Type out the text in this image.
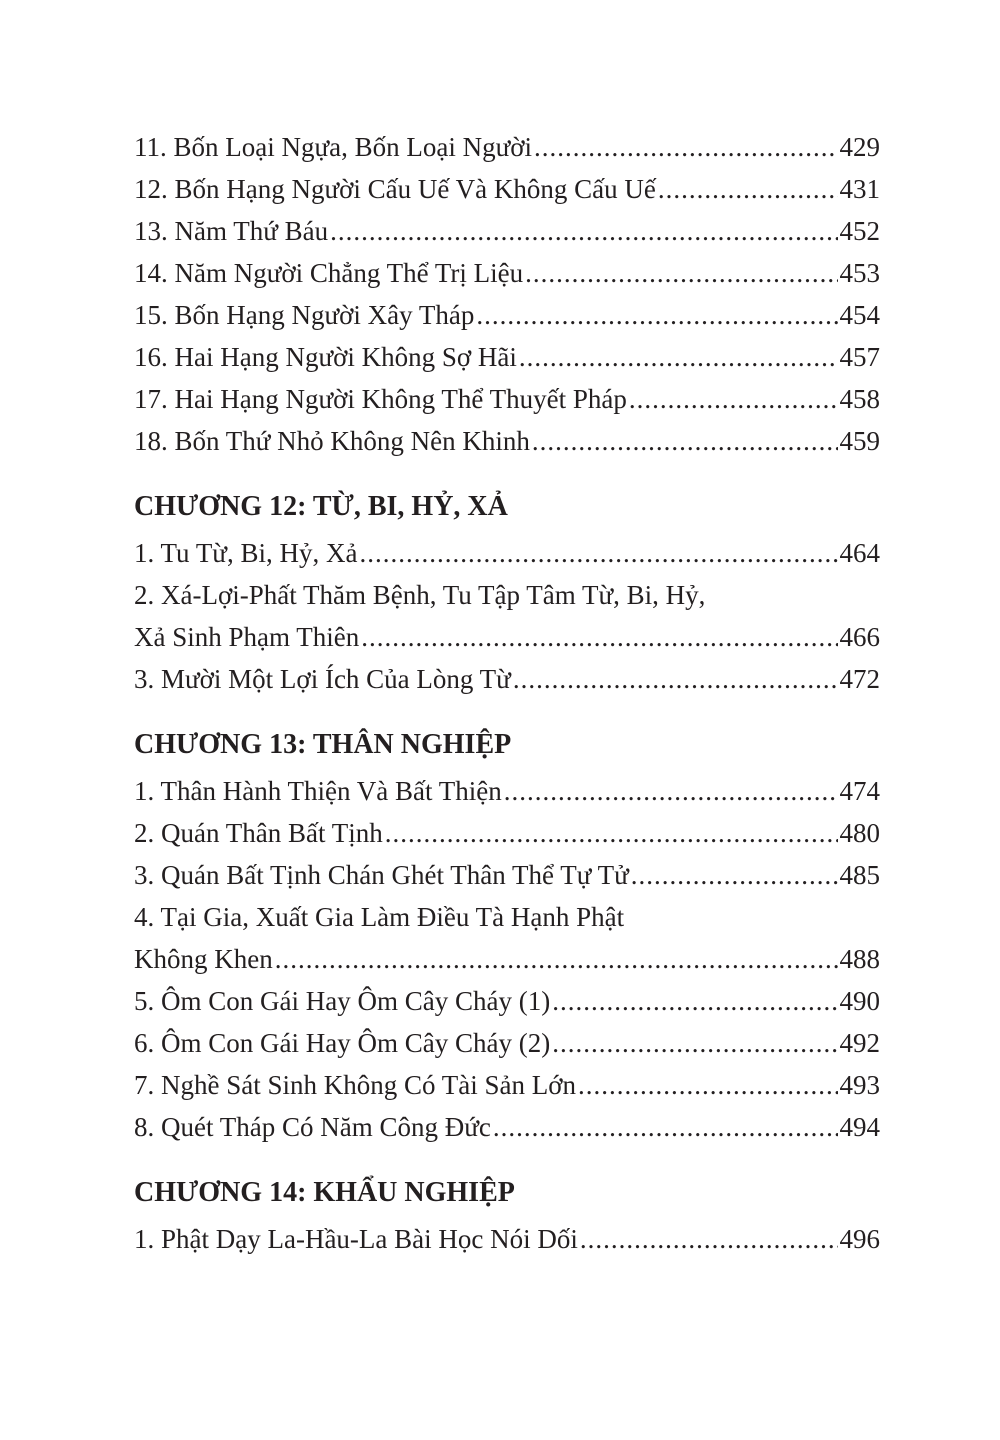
11. Bốn Loại Ngựa, Bốn Loại Người .....	429
12. Bốn Hạng Người Cấu Uế Và Không Cấu Uế .....	431
13. Năm Thứ Báu .....	452
14. Năm Người Chẳng Thể Trị Liệu .....	453
15. Bốn Hạng Người Xây Tháp .....	454
16. Hai Hạng Người Không Sợ Hãi .....	457
17. Hai Hạng Người Không Thể Thuyết Pháp .....	458
18. Bốn Thứ Nhỏ Không Nên Khinh .....	459
CHƯƠNG 12: TỪ, BI, HỶ, XẢ
1. Tu Từ, Bi, Hỷ, Xả .....	464
2. Xá-Lợi-Phất Thăm Bệnh, Tu Tập Tâm Từ, Bi, Hỷ,
Xả Sinh Phạm Thiên .....	466
3. Mười Một Lợi Ích Của Lòng Từ .....	472
CHƯƠNG 13: THÂN NGHIỆP
1. Thân Hành Thiện Và Bất Thiện .....	474
2. Quán Thân Bất Tịnh .....	480
3. Quán Bất Tịnh Chán Ghét Thân Thể Tự Tử .....	485
4. Tại Gia, Xuất Gia Làm Điều Tà Hạnh Phật
Không Khen .....	488
5. Ôm Con Gái Hay Ôm Cây Cháy (1) .....	490
6. Ôm Con Gái Hay Ôm Cây Cháy (2) .....	492
7. Nghề Sát Sinh Không Có Tài Sản Lớn .....	493
8. Quét Tháp Có Năm Công Đức .....	494
CHƯƠNG 14: KHẨU NGHIỆP
1. Phật Dạy La-Hầu-La Bài Học Nói Dối .....	496
